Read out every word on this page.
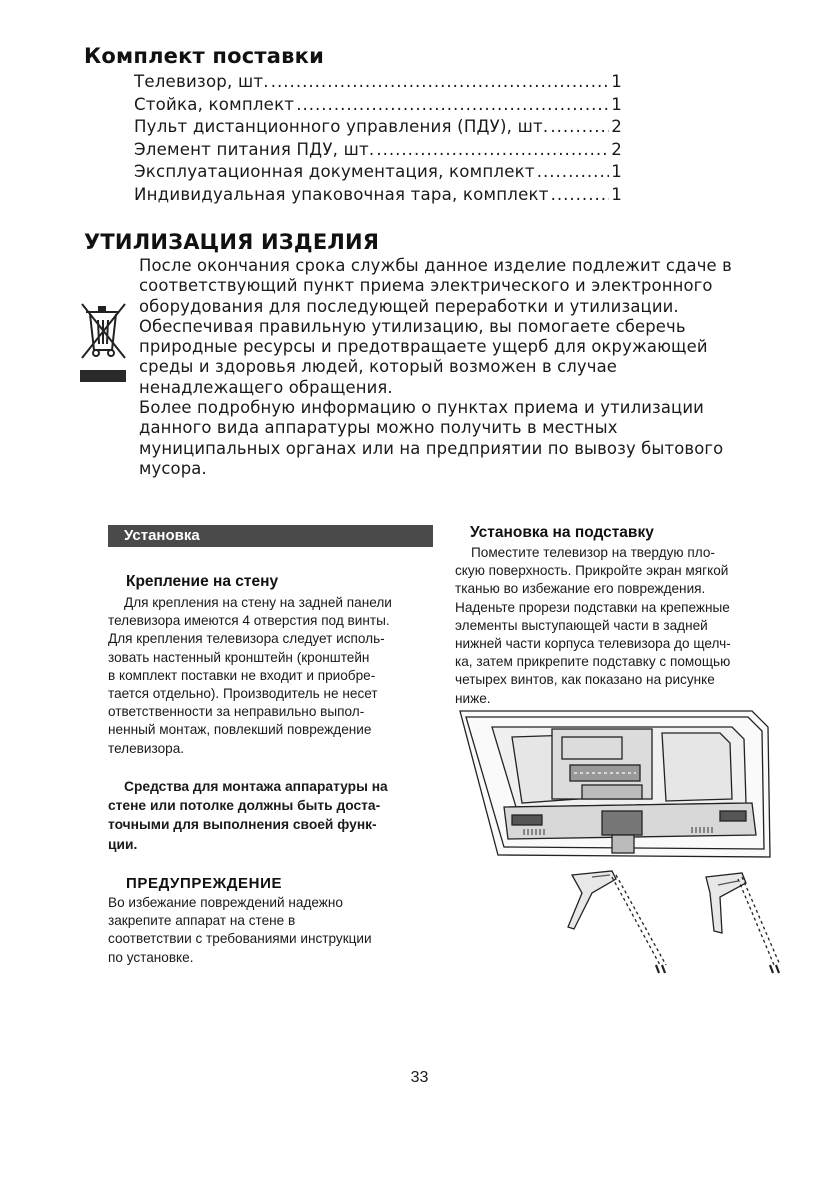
Комплект поставки
Телевизор, шт. .....	1
Стойка, комплект .....	1
Пульт дистанционного управления (ПДУ), шт. .....	2
Элемент питания ПДУ, шт. .....	2
Эксплуатационная документация, комплект .....	1
Индивидуальная упаковочная тара, комплект .....	1
УТИЛИЗАЦИЯ ИЗДЕЛИЯ

После окончания срока службы данное изделие подлежит сдаче в

соответствующий пункт приема электрического и электронного

оборудования для последующей переработки и утилизации.

Обеспечивая правильную утилизацию, вы помогаете сберечь

природные ресурсы и предотвращаете ущерб для окружающей

среды и здоровья людей, который возможен в случае

ненадлежащего обращения.

Более подробную информацию о пунктах приема и утилизации

данного вида аппаратуры можно получить в местных

муниципальных органах или на предприятии по вывозу бытового

мусора.

Установка
Крепление на стену

Для крепления на стену на задней панели

телевизора имеются 4 отверстия под винты.

Для крепления телевизора следует исполь-

зовать настенный кронштейн (кронштейн

в комплект поставки не входит и приобре-

тается отдельно). Производитель не несет

ответственности за неправильно выпол-

ненный монтаж, повлекший повреждение

телевизора.

Средства для монтажа аппаратуры на

стене или потолке должны быть доста-

точными для выполнения своей функ-

ции.

ПРЕДУПРЕЖДЕНИЕ

Во избежание повреждений надежно

закрепите аппарат на стене в

соответствии с требованиями инструкции

по установке.

Установка на подставку

Поместите телевизор на твердую пло-

скую поверхность. Прикройте экран мягкой

тканью во избежание его повреждения.

Наденьте прорези подставки на крепежные

элементы выступающей части в задней

нижней части корпуса телевизора до щелч-

ка, затем прикрепите подставку с помощью

четырех винтов, как показано на рисунке

ниже.

33
